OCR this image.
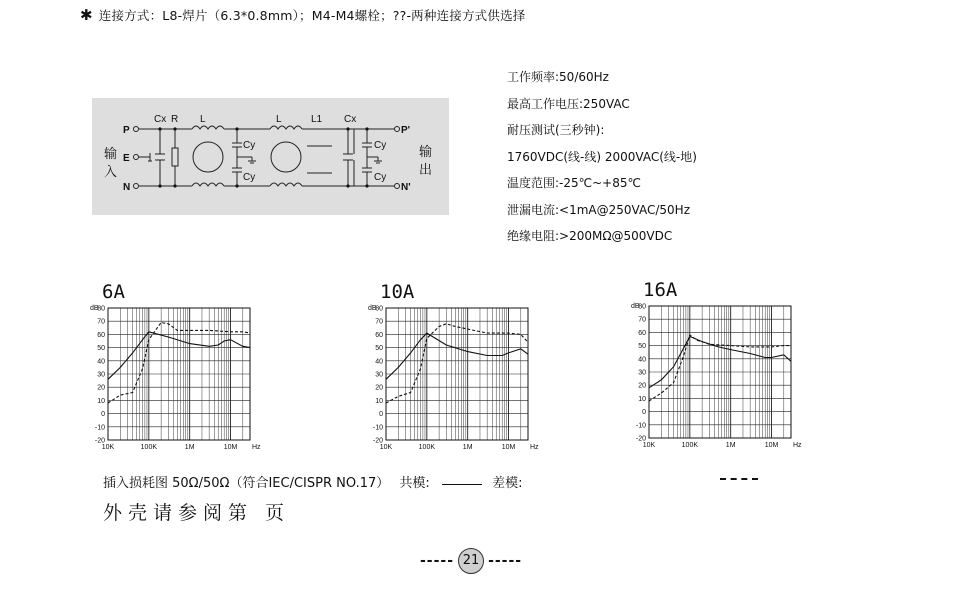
✱ 连接方式：L8-焊片（6.3*0.8mm）；M4-M4螺栓；??-两种连接方式供选择
P
E
N
P'
N'
Cx R L	L	L1 Cx
Cy
Cy
Cy
Cy
输
入
输
出
工作频率:50/60Hz
最高工作电压:250VAC
耐压测试(三秒钟):
1760VDC(线-线) 2000VAC(线-地)
温度范围:-25℃~+85℃
泄漏电流:<1mA@250VAC/50Hz
绝缘电阻:>200MΩ@500VDC
6A
dB
80
70
60
50
40
30
20
10
0
-10
-20
10K	100K	1M	10M Hz
10A
dB
80
70
60
50
40
30
20
10
0
-10
-20
10K	100K	1M	10M Hz
16A
dB
80
70
60
50
40
30
20
10
0
-10
-20
10K	100K	1M	10M Hz
插入损耗图 50Ω/50Ω（符合IEC/CISPR NO.17） 共模:	差模:
外壳请参阅第 页
----- 21 -----
